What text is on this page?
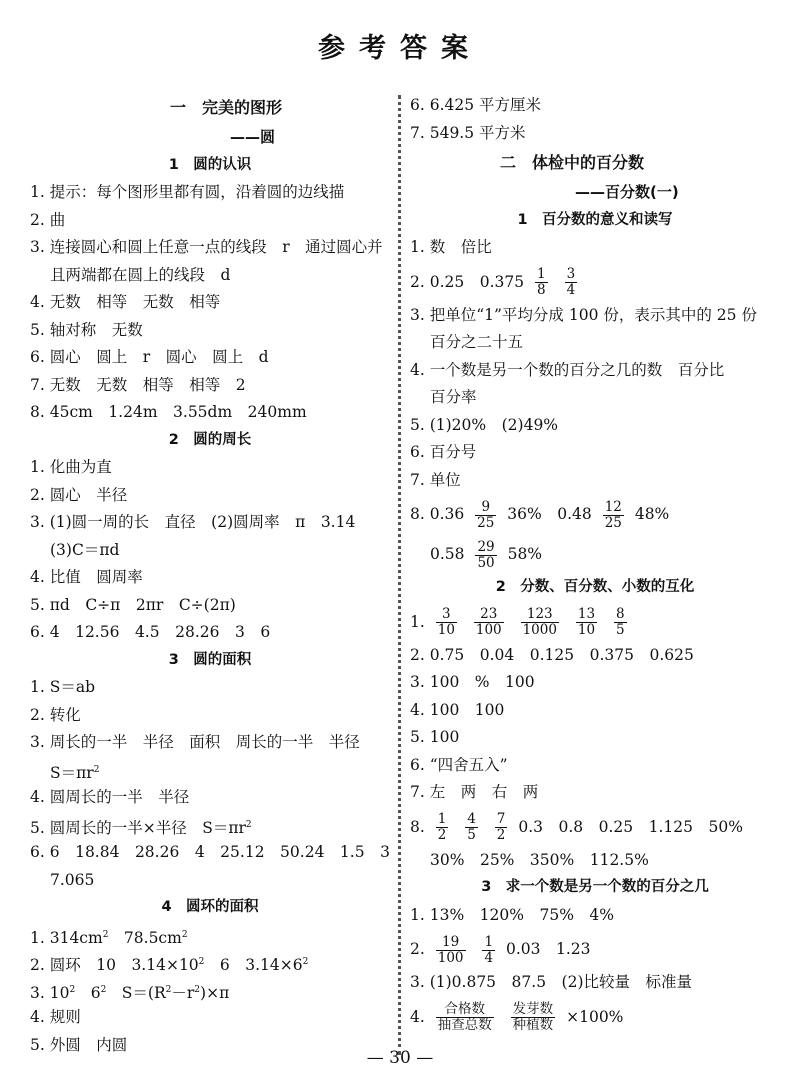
参考答案
一　完美的图形
——圆
1　圆的认识
1. 提示：每个图形里都有圆，沿着圆的边线描
2. 曲
3. 连接圆心和圆上任意一点的线段　r　通过圆心并
且两端都在圆上的线段　d
4. 无数　相等　无数　相等
5. 轴对称　无数
6. 圆心　圆上　r　圆心　圆上　d
7. 无数　无数　相等　相等　2
8. 45cm　1.24m　3.55dm　240mm
2　圆的周长
1. 化曲为直
2. 圆心　半径
3. (1)圆一周的长　直径　(2)圆周率　π　3.14
(3)C＝πd
4. 比值　圆周率
5. πd　C÷π　2πr　C÷(2π)
6. 4　12.56　4.5　28.26　3　6
3　圆的面积
1. S＝ab
2. 转化
3. 周长的一半　半径　面积　周长的一半　半径
$S=\pi r^2$
4. 圆周长的一半　半径
5. 圆周长的一半×半径　$S=\pi r^2$
6. 6　18.84　28.26　4　25.12　50.24　1.5　3
7.065
4　圆环的面积
1. $314cm^2$　$78.5cm^2$
2. 圆环　10　$3.14\times 10^2$　6　$3.14\times 6^2$
3. $10^2$　$6^2$　$S=(R^2-r^2)\times\pi$
4. 规则
5. 外圆　内圆
6. 6.425 平方厘米
7. 549.5 平方米
二　体检中的百分数
——百分数(一)
1　百分数的意义和读写
1. 数　倍比
2. 0.25　$0.375 \frac{1}{8}$
$\frac{3}{4}$
3. 把单位“1”平均分成 100 份，表示其中的 25 份
百分之二十五
4. 一个数是另一个数的百分之几的数　百分比
百分率
5. (1)20%　(2)49%
6. 百分号
7. 单位
8. $0.36 \frac{9}{25} 36\%$　$0.48 \frac{12}{25} 48\%$
$0.58 \frac{29}{50} 58\%$
2　分数、百分数、小数的互化
1. $\frac{3}{10}$
$\frac{23}{100}$
$\frac{123}{1000}$
$\frac{13}{10}$
$\frac{8}{5}$
2. 0.75　0.04　0.125　0.375　0.625
3. 100　%　100
4. 100　100
5. 100
6. “四舍五入”
7. 左　两　右　两
8. $\frac{1}{2}$
$\frac{4}{5}$
$\frac{7}{2} 0.3$　0.8　0.25　1.125　50%
30%　25%　350%　112.5%
3　求一个数是另一个数的百分之几
1. 13%　120%　75%　4%
2. $\frac{19}{100}$
$\frac{1}{4} 0.03$　1.23
3. (1)0.875　87.5　(2)比较量　标准量
4. $\frac{\text{合格数}}{\text{抽查总数}}$
$\frac{\text{发芽数}}{\text{种植数}} \times 100\%$
— 30 —
